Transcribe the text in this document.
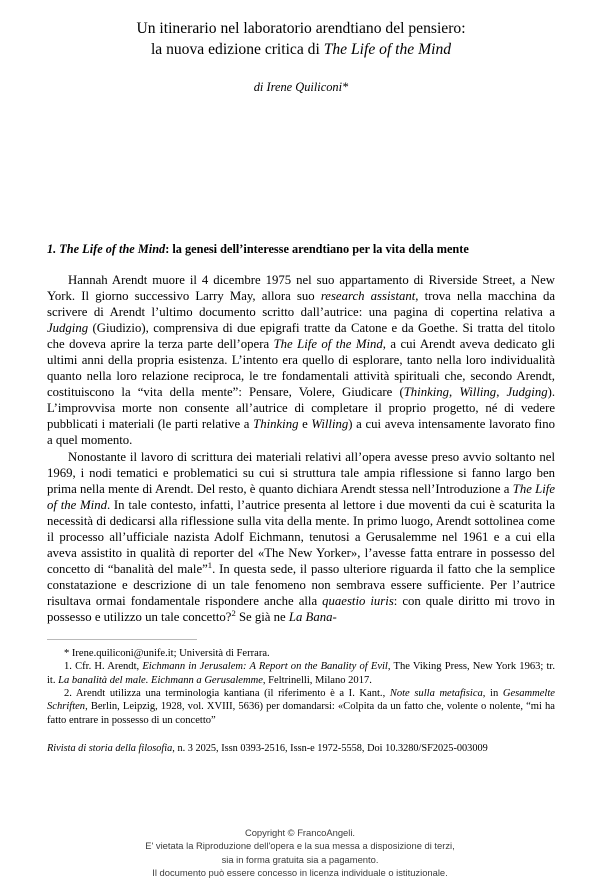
Un itinerario nel laboratorio arendtiano del pensiero:
la nuova edizione critica di The Life of the Mind
di Irene Quiliconi*
1. The Life of the Mind: la genesi dell’interesse arendtiano per la vita della mente

Hannah Arendt muore il 4 dicembre 1975 nel suo appartamento di Riverside Street, a New York. Il giorno successivo Larry May, allora suo research assistant, trova nella macchina da scrivere di Arendt l’ultimo documento scritto dall’autrice: una pagina di copertina relativa a Judging (Giudizio), comprensiva di due epigrafi tratte da Catone e da Goethe. Si tratta del titolo che doveva aprire la terza parte dell’opera The Life of the Mind, a cui Arendt aveva dedicato gli ultimi anni della propria esistenza. L’intento era quello di esplorare, tanto nella loro individualità quanto nella loro relazione reciproca, le tre fondamentali attività spirituali che, secondo Arendt, costituiscono la “vita della mente”: Pensare, Volere, Giudicare (Thinking, Willing, Judging). L’improvvisa morte non consente all’autrice di completare il proprio progetto, né di vedere pubblicati i materiali (le parti relative a Thinking e Willing) a cui aveva intensamente lavorato fino a quel momento.

Nonostante il lavoro di scrittura dei materiali relativi all’opera avesse preso avvio soltanto nel 1969, i nodi tematici e problematici su cui si struttura tale ampia riflessione si fanno largo ben prima nella mente di Arendt. Del resto, è quanto dichiara Arendt stessa nell’Introduzione a The Life of the Mind. In tale contesto, infatti, l’autrice presenta al lettore i due moventi da cui è scaturita la necessità di dedicarsi alla riflessione sulla vita della mente. In primo luogo, Arendt sottolinea come il processo all’ufficiale nazista Adolf Eichmann, tenutosi a Gerusalemme nel 1961 e a cui ella aveva assistito in qualità di reporter del «The New Yorker», l’avesse fatta entrare in possesso del concetto di “banalità del male”$^1$. In questa sede, il passo ulteriore riguarda il fatto che la semplice constatazione e descrizione di un tale fenomeno non sembrava essere sufficiente. Per l’autrice risultava ormai fondamentale rispondere anche alla quaestio iuris: con quale diritto mi trovo in possesso e utilizzo un tale concetto?$^2$ Se già ne La Bana-

* Irene.quiliconi@unife.it; Università di Ferrara.

1. Cfr. H. Arendt, Eichmann in Jerusalem: A Report on the Banality of Evil, The Viking Press, New York 1963; tr. it. La banalità del male. Eichmann a Gerusalemme, Feltrinelli, Milano 2017.

2. Arendt utilizza una terminologia kantiana (il riferimento è a I. Kant., Note sulla metafisica, in Gesammelte Schriften, Berlin, Leipzig, 1928, vol. XVIII, 5636) per domandarsi: «Colpita da un fatto che, volente o nolente, “mi ha fatto entrare in possesso di un concetto”

Rivista di storia della filosofia, n. 3 2025, Issn 0393-2516, Issn-e 1972-5558, Doi 10.3280/SF2025-003009
Copyright © FrancoAngeli.
E' vietata la Riproduzione dell'opera e la sua messa a disposizione di terzi,
sia in forma gratuita sia a pagamento.
Il documento può essere concesso in licenza individuale o istituzionale.
